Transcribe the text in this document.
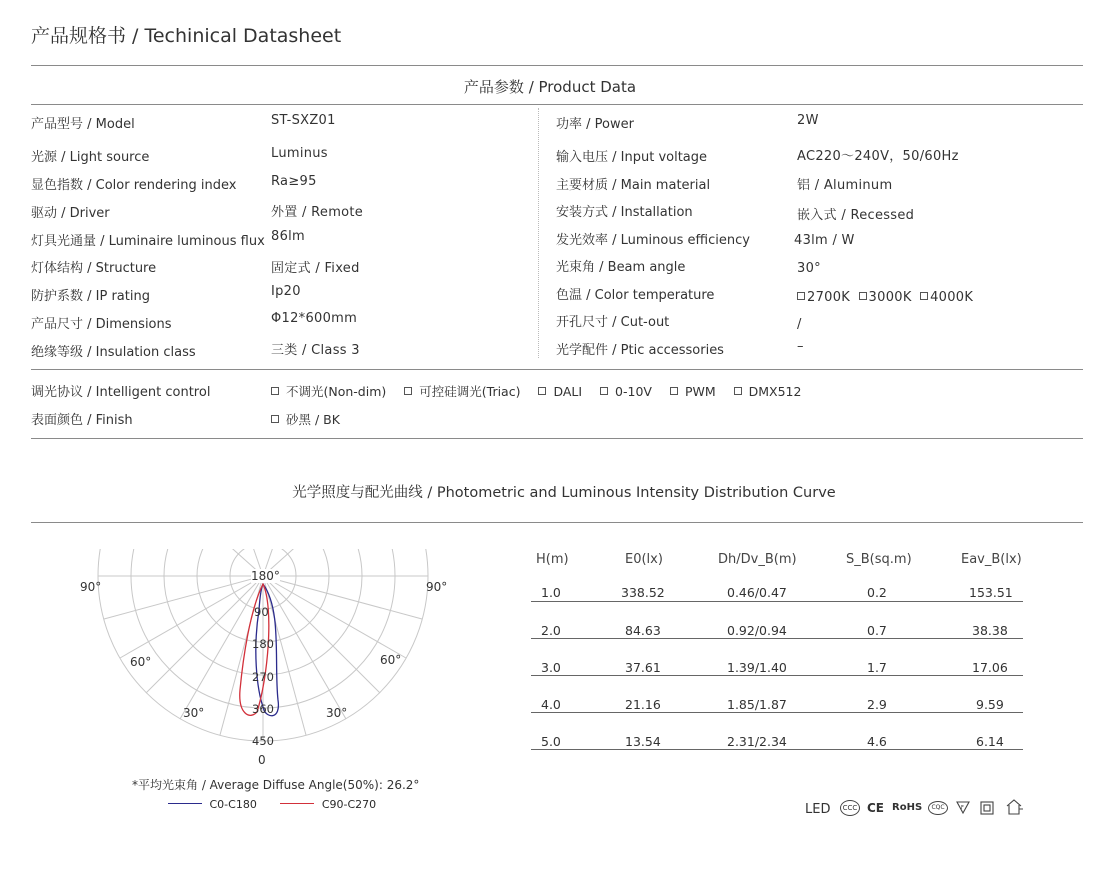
产品规格书 / Techinical Datasheet
产品参数 / Product Data
产品型号 / Model	ST-SXZ01
光源 / Light source	Luminus
显色指数 / Color rendering index	Ra≥95
驱动 / Driver	外置 / Remote
灯具光通量 / Luminaire luminous flux 86lm
灯体结构 / Structure	固定式 / Fixed
防护系数 / IP rating	Ip20
产品尺寸 / Dimensions	Φ12*600mm
绝缘等级 / Insulation class	三类 / Class 3
功率 / Power	2W
输入电压 / Input voltage	AC220～240V，50/60Hz
主要材质 / Main material	铝 / Aluminum
安装方式 / Installation	嵌入式 / Recessed
发光效率 / Luminous efficiency	43lm / W
光束角 / Beam angle	30°
色温 / Color temperature	2700K 3000K 4000K
开孔尺寸 / Cut-out	/
光学配件 / Ptic accessories	–
调光协议 / Intelligent control	不调光(Non-dim)	可控硅调光(Triac)	DALI	0-10V	PWM	DMX512
表面颜色 / Finish	砂黑 / BK
光学照度与配光曲线 / Photometric and Luminous Intensity Distribution Curve
90°	90°
60°	60°
30°	30°
180°
0
90
180
270
360
450
*平均光束角 / Average Diffuse Angle(50%): 26.2°
C0-C180	C90-C270
H(m)	E0(lx)	Dh/Dv_B(m)	S_B(sq.m)	Eav_B(lx)
1.0	338.52	0.46/0.47	0.2	153.51
2.0	84.63	0.92/0.94	0.7	38.38
3.0	37.61	1.39/1.40	1.7	17.06
4.0	21.16	1.85/1.87	2.9	9.59
5.0	13.54	2.31/2.34	4.6	6.14
LED	CCC CE RoHS	CQC	F
